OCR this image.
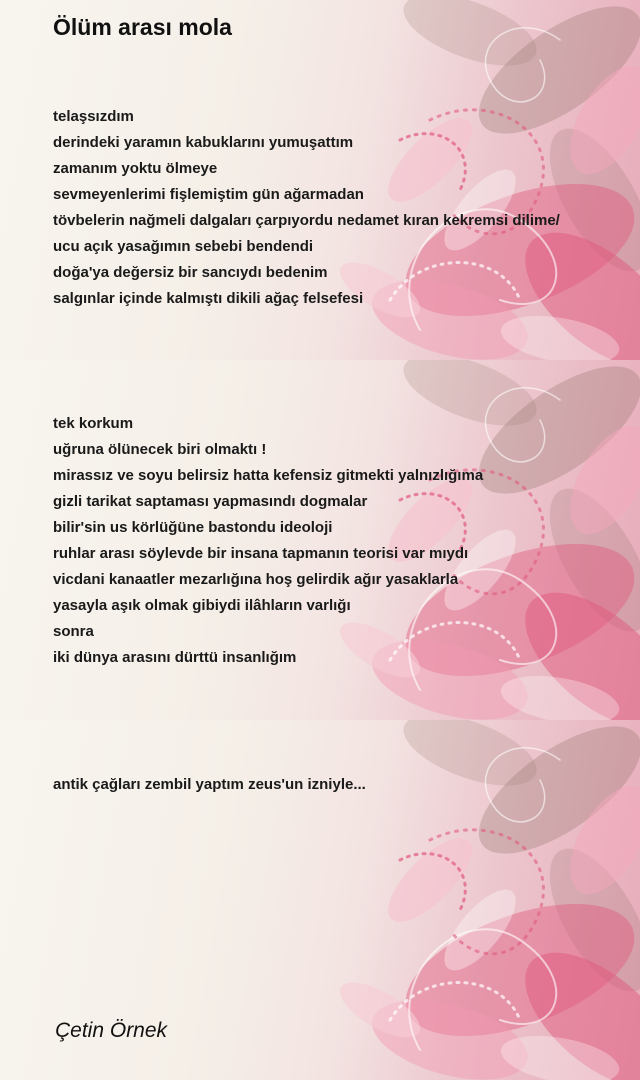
Ölüm arası mola
telaşsızdım
derindeki yaramın kabuklarını yumuşattım
zamanım yoktu ölmeye
sevmeyenlerimi fişlemiştim gün ağarmadan
tövbelerin nağmeli dalgaları çarpıyordu nedamet kıran kekremsi dilime/
ucu açık yasağımın sebebi bendendi
doğa'ya değersiz bir sancıydı bedenim
salgınlar içinde kalmıştı dikili ağaç felsefesi
tek korkum
uğruna ölünecek biri olmaktı !
mirassız ve soyu belirsiz hatta kefensiz gitmekti yalnızlığıma
gizli tarikat saptaması yapmasındı dogmalar
bilir'sin us körlüğüne bastondu ideoloji
ruhlar arası söylevde bir insana tapmanın teorisi var mıydı
vicdani kanaatler mezarlığına hoş gelirdik ağır yasaklarla
yasayla aşık olmak gibiydi ilâhların varlığı
sonra
iki dünya arasını dürttü insanlığım
antik çağları zembil yaptım zeus'un izniyle...
Çetin Örnek
